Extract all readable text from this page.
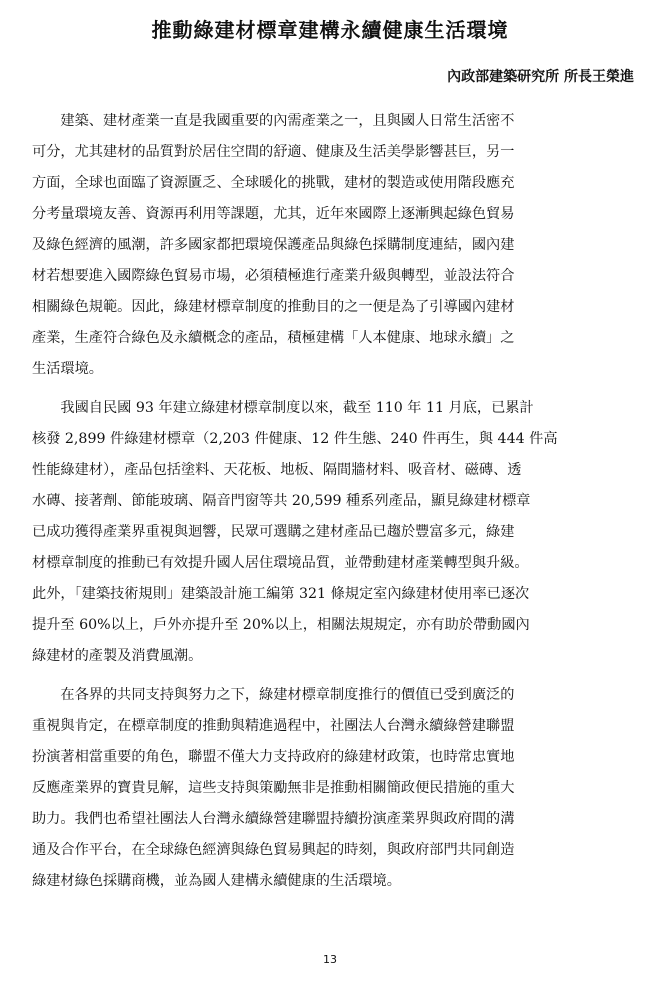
推動綠建材標章建構永續健康生活環境
內政部建築研究所 所長王榮進

　　建築、建材產業一直是我國重要的內需產業之一，且與國人日常生活密不

可分，尤其建材的品質對於居住空間的舒適、健康及生活美學影響甚巨，另一

方面，全球也面臨了資源匱乏、全球暖化的挑戰，建材的製造或使用階段應充

分考量環境友善、資源再利用等課題，尤其，近年來國際上逐漸興起綠色貿易

及綠色經濟的風潮，許多國家都把環境保護產品與綠色採購制度連結，國內建

材若想要進入國際綠色貿易市場，必須積極進行產業升級與轉型，並設法符合

相關綠色規範。因此，綠建材標章制度的推動目的之一便是為了引導國內建材

產業，生產符合綠色及永續概念的產品，積極建構「人本健康、地球永續」之

生活環境。

　　我國自民國 93 年建立綠建材標章制度以來，截至 110 年 11 月底，已累計

核發 2,899 件綠建材標章（2,203 件健康、12 件生態、240 件再生，與 444 件高

性能綠建材），產品包括塗料、天花板、地板、隔間牆材料、吸音材、磁磚、透

水磚、接著劑、節能玻璃、隔音門窗等共 20,599 種系列產品，顯見綠建材標章

已成功獲得產業界重視與迴響，民眾可選購之建材產品已趨於豐富多元，綠建

材標章制度的推動已有效提升國人居住環境品質，並帶動建材產業轉型與升級。

此外，「建築技術規則」建築設計施工編第 321 條規定室內綠建材使用率已逐次

提升至 60%以上，戶外亦提升至 20%以上，相關法規規定，亦有助於帶動國內

綠建材的產製及消費風潮。

　　在各界的共同支持與努力之下，綠建材標章制度推行的價值已受到廣泛的

重視與肯定，在標章制度的推動與精進過程中，社團法人台灣永續綠營建聯盟

扮演著相當重要的角色，聯盟不僅大力支持政府的綠建材政策，也時常忠實地

反應產業界的寶貴見解，這些支持與策勵無非是推動相關簡政便民措施的重大

助力。我們也希望社團法人台灣永續綠營建聯盟持續扮演產業界與政府間的溝

通及合作平台，在全球綠色經濟與綠色貿易興起的時刻，與政府部門共同創造

綠建材綠色採購商機，並為國人建構永續健康的生活環境。

13
